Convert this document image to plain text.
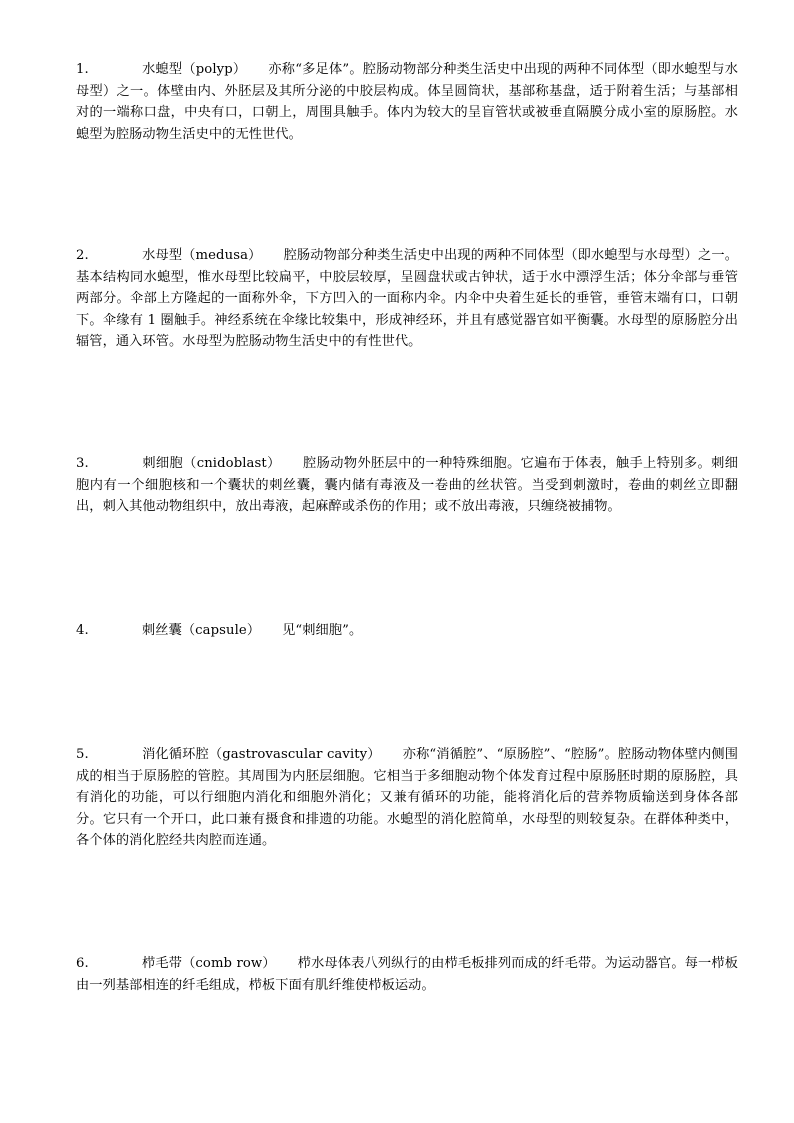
1.	水螅型（polyp） 亦称“多足体”。腔肠动物部分种类生活史中出现的两种不同体型（即水螅型与水母型）之一。体壁由内、外胚层及其所分泌的中胶层构成。体呈圆筒状，基部称基盘，适于附着生活；与基部相对的一端称口盘，中央有口，口朝上，周围具触手。体内为较大的呈盲管状或被垂直隔膜分成小室的原肠腔。水螅型为腔肠动物生活史中的无性世代。

2.	水母型（medusa） 腔肠动物部分种类生活史中出现的两种不同体型（即水螅型与水母型）之一。基本结构同水螅型，惟水母型比较扁平，中胶层较厚，呈圆盘状或古钟状，适于水中漂浮生活；体分伞部与垂管两部分。伞部上方隆起的一面称外伞，下方凹入的一面称内伞。内伞中央着生延长的垂管，垂管末端有口，口朝下。伞缘有 1 圈触手。神经系统在伞缘比较集中，形成神经环，并且有感觉器官如平衡囊。水母型的原肠腔分出辐管，通入环管。水母型为腔肠动物生活史中的有性世代。

3.	刺细胞（cnidoblast） 腔肠动物外胚层中的一种特殊细胞。它遍布于体表，触手上特别多。刺细胞内有一个细胞核和一个囊状的刺丝囊，囊内储有毒液及一卷曲的丝状管。当受到刺激时，卷曲的刺丝立即翻出，刺入其他动物组织中，放出毒液，起麻醉或杀伤的作用；或不放出毒液，只缠绕被捕物。

4.	刺丝囊（capsule） 见“刺细胞”。

5.	消化循环腔（gastrovascular cavity） 亦称“消循腔”、“原肠腔”、“腔肠”。腔肠动物体壁内侧围成的相当于原肠腔的管腔。其周围为内胚层细胞。它相当于多细胞动物个体发育过程中原肠胚时期的原肠腔，具有消化的功能，可以行细胞内消化和细胞外消化；又兼有循环的功能，能将消化后的营养物质输送到身体各部分。它只有一个开口，此口兼有摄食和排遗的功能。水螅型的消化腔简单，水母型的则较复杂。在群体种类中，各个体的消化腔经共肉腔而连通。

6.	栉毛带（comb row） 栉水母体表八列纵行的由栉毛板排列而成的纤毛带。为运动器官。每一栉板由一列基部相连的纤毛组成，栉板下面有肌纤维使栉板运动。
